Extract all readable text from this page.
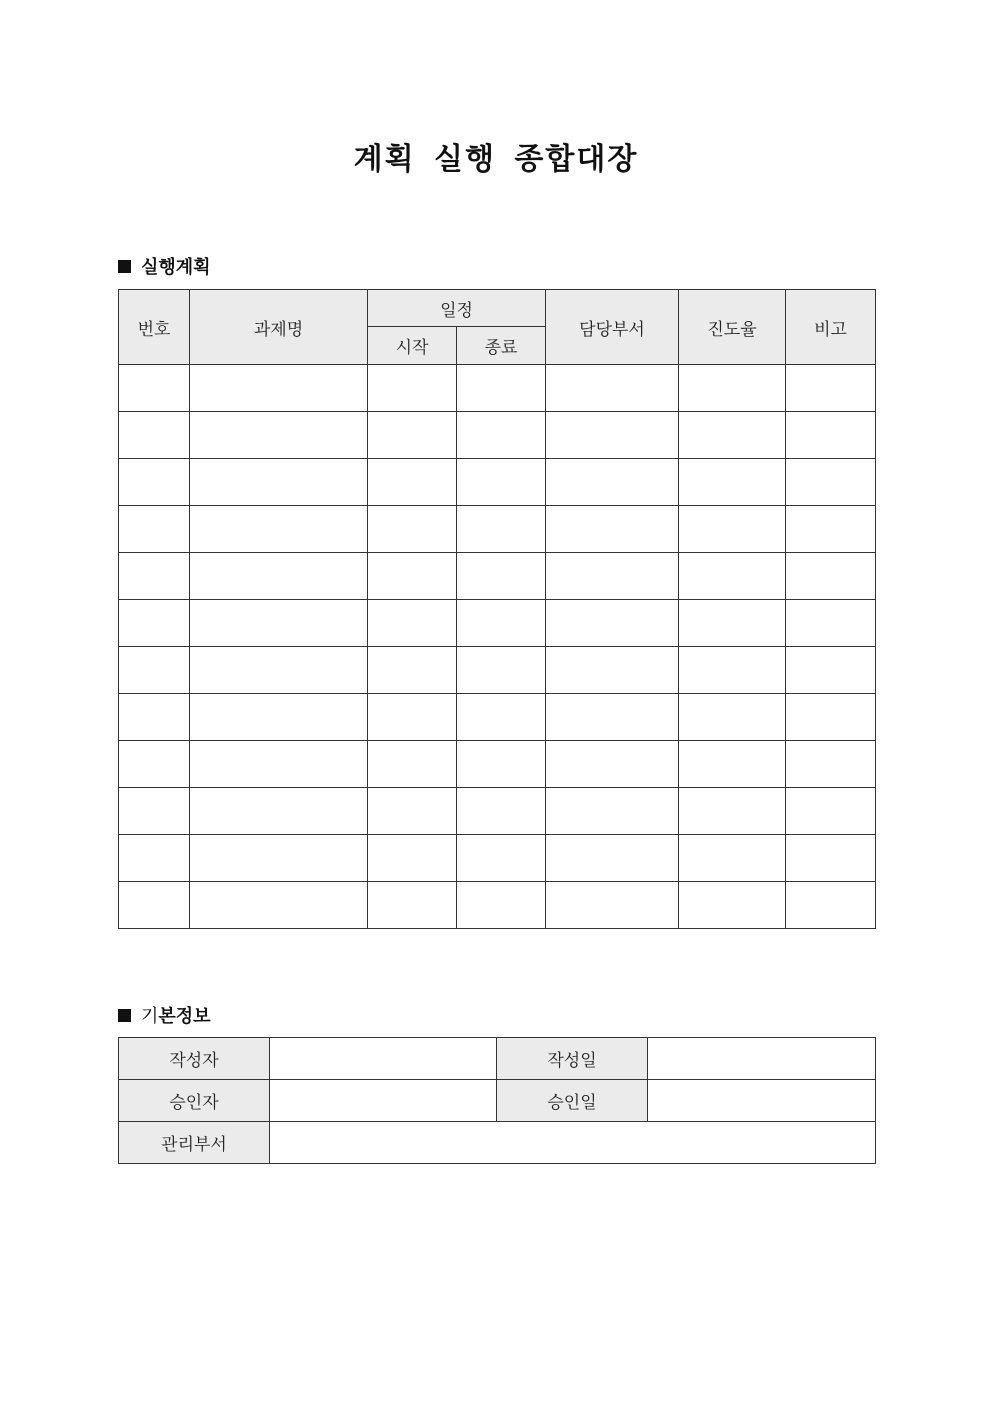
계획 실행 종합대장
실행계획
번호	과제명	일정		담당부서	진도율	비고
		시작	종료			

기 본정보
작성자		작성일	
승인자		승인일	
관리부서			
